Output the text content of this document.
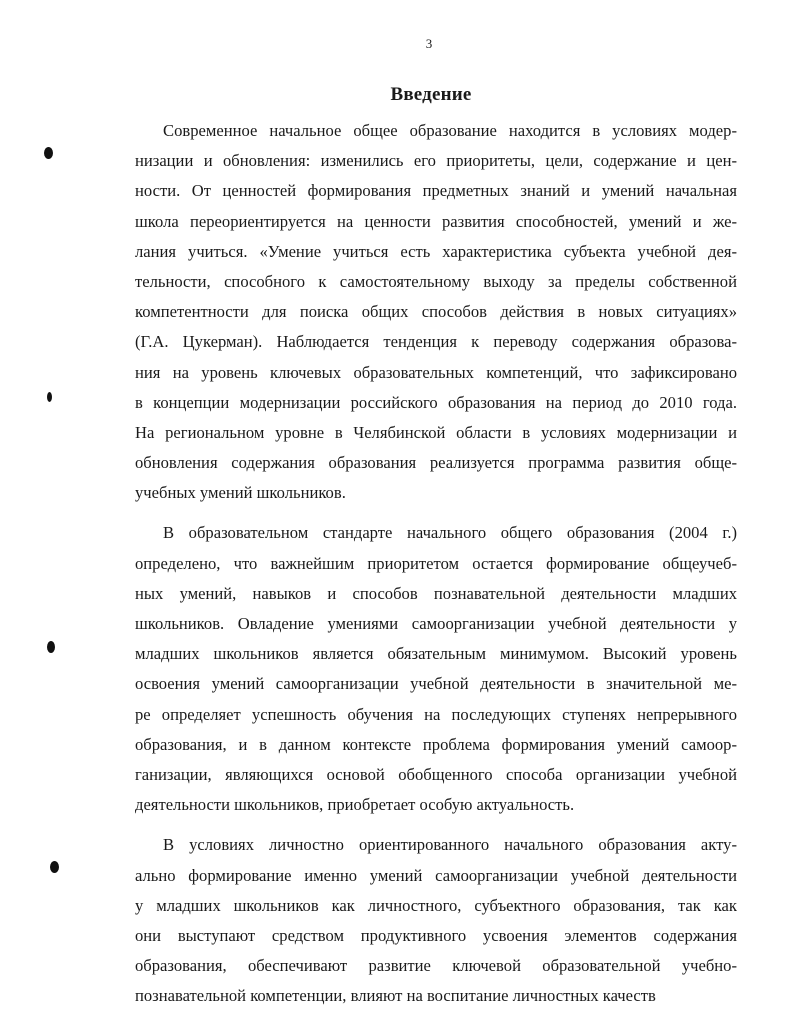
3
Введение
Современное начальное общее образование находится в условиях модер-
низации и обновления: изменились его приоритеты, цели, содержание и цен-
ности. От ценностей формирования предметных знаний и умений начальная
школа переориентируется на ценности развития способностей, умений и же-
лания учиться. «Умение учиться есть характеристика субъекта учебной дея-
тельности, способного к самостоятельному выходу за пределы собственной
компетентности для поиска общих способов действия в новых ситуациях»
(Г.А. Цукерман). Наблюдается тенденция к переводу содержания образова-
ния на уровень ключевых образовательных компетенций, что зафиксировано
в концепции модернизации российского образования на период до 2010 года.
На региональном уровне в Челябинской области в условиях модернизации и
обновления содержания образования реализуется программа развития обще-
учебных умений школьников.
В образовательном стандарте начального общего образования (2004 г.)
определено, что важнейшим приоритетом остается формирование общеучеб-
ных умений, навыков и способов познавательной деятельности младших
школьников. Овладение умениями самоорганизации учебной деятельности у
младших школьников является обязательным минимумом. Высокий уровень
освоения умений самоорганизации учебной деятельности в значительной ме-
ре определяет успешность обучения на последующих ступенях непрерывного
образования, и в данном контексте проблема формирования умений самоор-
ганизации, являющихся основой обобщенного способа организации учебной
деятельности школьников, приобретает особую актуальность.
В условиях личностно ориентированного начального образования акту-
ально формирование именно умений самоорганизации учебной деятельности
у младших школьников как личностного, субъектного образования, так как
они выступают средством продуктивного усвоения элементов содержания
образования, обеспечивают развитие ключевой образовательной учебно-
познавательной компетенции, влияют на воспитание личностных качеств
